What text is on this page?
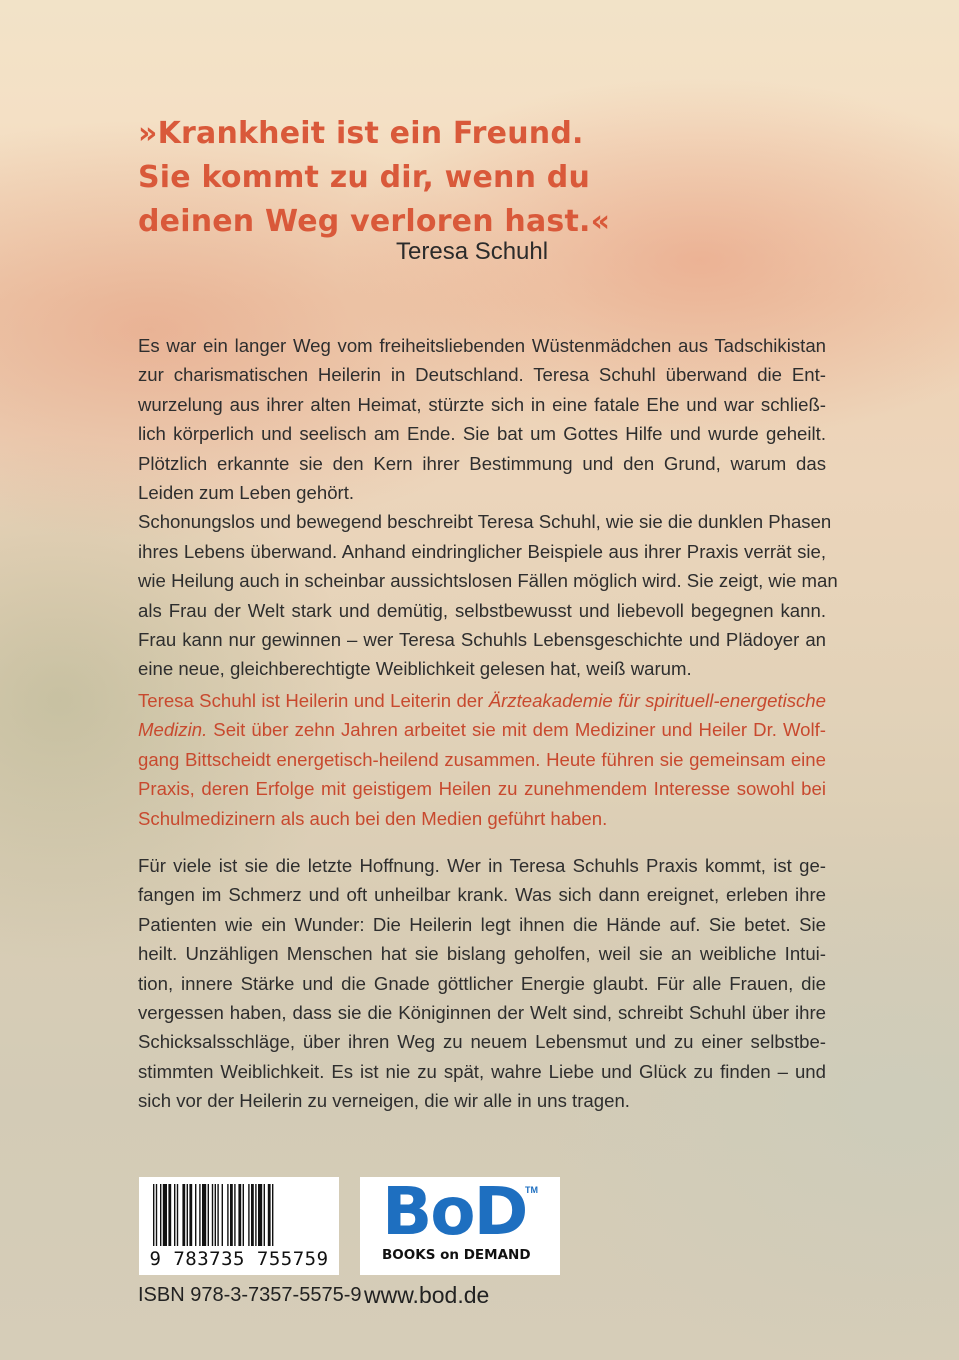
»Krankheit ist ein Freund.
Sie kommt zu dir, wenn du
deinen Weg verloren hast.«
Teresa Schuhl
Es war ein langer Weg vom freiheitsliebenden Wüstenmädchen aus Tadschikistan
zur charismatischen Heilerin in Deutschland. Teresa Schuhl überwand die Ent-
wurzelung aus ihrer alten Heimat, stürzte sich in eine fatale Ehe und war schließ-
lich körperlich und seelisch am Ende. Sie bat um Gottes Hilfe und wurde geheilt.
Plötzlich erkannte sie den Kern ihrer Bestimmung und den Grund, warum das
Leiden zum Leben gehört.
Schonungslos und bewegend beschreibt Teresa Schuhl, wie sie die dunklen Phasen
ihres Lebens überwand. Anhand eindringlicher Beispiele aus ihrer Praxis verrät sie,
wie Heilung auch in scheinbar aussichtslosen Fällen möglich wird. Sie zeigt, wie man
als Frau der Welt stark und demütig, selbstbewusst und liebevoll begegnen kann.
Frau kann nur gewinnen – wer Teresa Schuhls Lebensgeschichte und Plädoyer an
eine neue, gleichberechtigte Weiblichkeit gelesen hat, weiß warum.
Teresa Schuhl ist Heilerin und Leiterin der Ärzteakademie für spirituell-energetische
Medizin. Seit über zehn Jahren arbeitet sie mit dem Mediziner und Heiler Dr. Wolf-
gang Bittscheidt energetisch-heilend zusammen. Heute führen sie gemeinsam eine
Praxis, deren Erfolge mit geistigem Heilen zu zunehmendem Interesse sowohl bei
Schulmedizinern als auch bei den Medien geführt haben.
Für viele ist sie die letzte Hoffnung. Wer in Teresa Schuhls Praxis kommt, ist ge-
fangen im Schmerz und oft unheilbar krank. Was sich dann ereignet, erleben ihre
Patienten wie ein Wunder: Die Heilerin legt ihnen die Hände auf. Sie betet. Sie
heilt. Unzähligen Menschen hat sie bislang geholfen, weil sie an weibliche Intui-
tion, innere Stärke und die Gnade göttlicher Energie glaubt. Für alle Frauen, die
vergessen haben, dass sie die Königinnen der Welt sind, schreibt Schuhl über ihre
Schicksalsschläge, über ihren Weg zu neuem Lebensmut und zu einer selbstbe-
stimmten Weiblichkeit. Es ist nie zu spät, wahre Liebe und Glück zu finden – und
sich vor der Heilerin zu verneigen, die wir alle in uns tragen.
9 783735 755759
BoD
TM
BOOKS on DEMAND
ISBN 978-3-7357-5575-9 www.bod.de
